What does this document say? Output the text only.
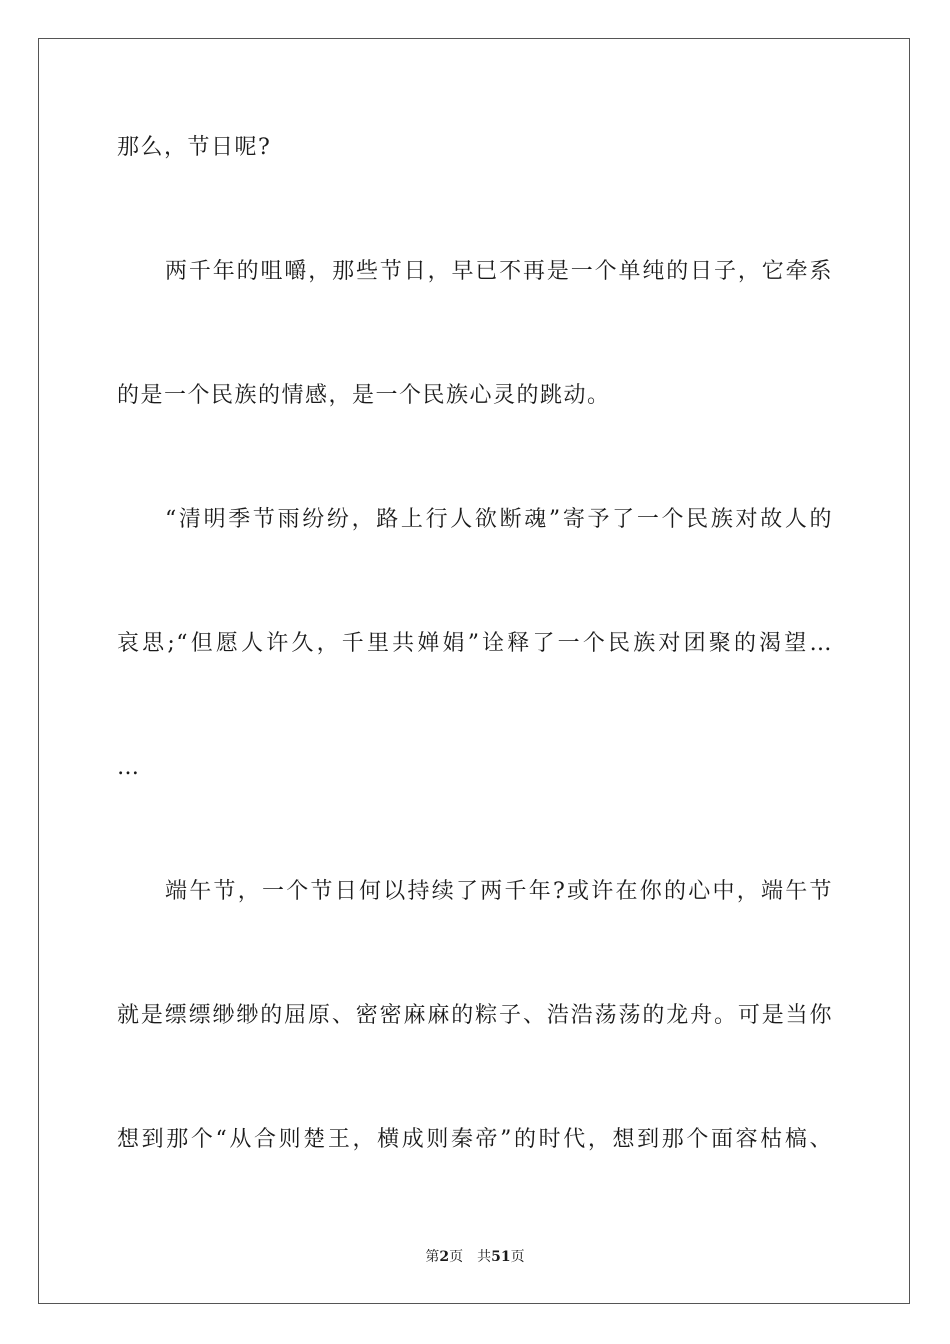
那么，节日呢?
两千年的咀嚼，那些节日，早已不再是一个单纯的日子，它牵系
的是一个民族的情感，是一个民族心灵的跳动。
“清明季节雨纷纷，路上行人欲断魂”寄予了一个民族对故人的
哀思;“但愿人许久，千里共婵娟”诠释了一个民族对团聚的渴望…
…
端午节，一个节日何以持续了两千年?或许在你的心中，端午节
就是缥缥缈缈的屈原、密密麻麻的粽子、浩浩荡荡的龙舟。可是当你
想到那个“从合则楚王，横成则秦帝”的时代，想到那个面容枯槁、
第2页 共51页
